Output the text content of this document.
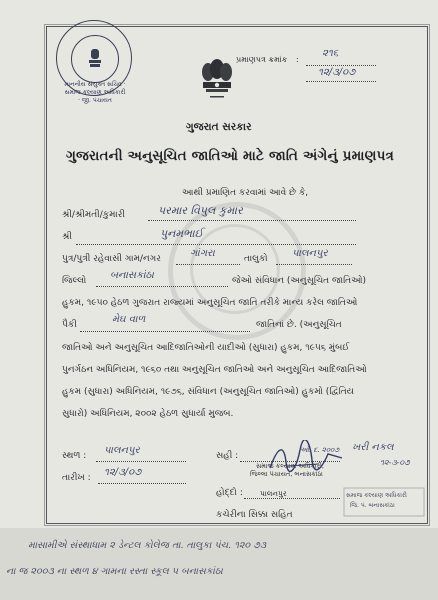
માનનીય સંયુક્ત સચિવ · સમાજ કલ્યાણ અધિકારી · જી. પંચાયત
પ્રમાણપત્ર ક્રમાંક :
૨૧૬
૧૨/૩/૦૭
ગુજરાત સરકાર
ગુજરાતની અનુસૂચિત જાતિઓ માટે જાતિ અંગેનું પ્રમાણપત્ર
આથી પ્રમાણિત કરવામાં આવે છે કે,
શ્રી/શ્રીમતી/કુમારી	પરમાર વિપુલ કુમાર
શ્રી	પુનમભાઈ
પુત્ર/પુત્રી રહેવાસી ગામ/નગર	ગાંગરા	તાલુકો પાલનપુર
જિલ્લો બનાસકાંઠા	જેઓ સંવિધાન (અનુસૂચિત જાતિઓ)
હુકમ, ૧૯૫૦ હેઠળ ગુજરાત રાજ્યમાં અનુસૂચિત જાતિ તરીકે માન્ય કરેલ જાતિઓ
પૈકી	મેઘ વાળ	જાતિનાં છે. (અનુસૂચિત
જાતિઓ અને અનુસૂચિત આદિજાતિઓની યાદીઓ (સુધારા) હુકમ, ૧૯૫૬ મુંબઈ
પુનર્ગઠન અધિનિયમ, ૧૯૬૦ તથા અનુસૂચિત જાતિઓ અને અનુસૂચિત આદિજાતિઓ
હુકમ (સુધારા) અધિનિયમ, ૧૯૭૬, સંવિધાન (અનુસૂચિત જાતિઓ) હુકમો (દ્વિતિય
સુધારો) અધિનિયમ, ૨૦૦૨ હેઠળ સુધાર્યા મુજબ.
સ્થળ : પાલનપુર
તારીખ : ૧૨/૩/૦૭
સહી :
સમાજ કલ્યાણ અધિકારી,
જિલ્લા પંચાયત, બનાસકાંઠા
હોદ્દો : પાલનપુર
કચેરીના સિક્કા સહિત
ઓ. દ. ૨૦૦૭ ખરી નકલ
૧૨-૩-૦૭
સમાજ કલ્યાણ અધિકારી
જિ. પં. બનાસકાંઠા
માસામીએ સંસ્થાધામ ૨ ડેન્ટલ કોલેજ તા. તાલુકા પંચ. ૧૨૦ ૭૩
ના જ ૨૦૦૩ ના સ્થળ ૪ ગામના રસ્તા સ્કૂલ ૫ બનાસકાંઠા
